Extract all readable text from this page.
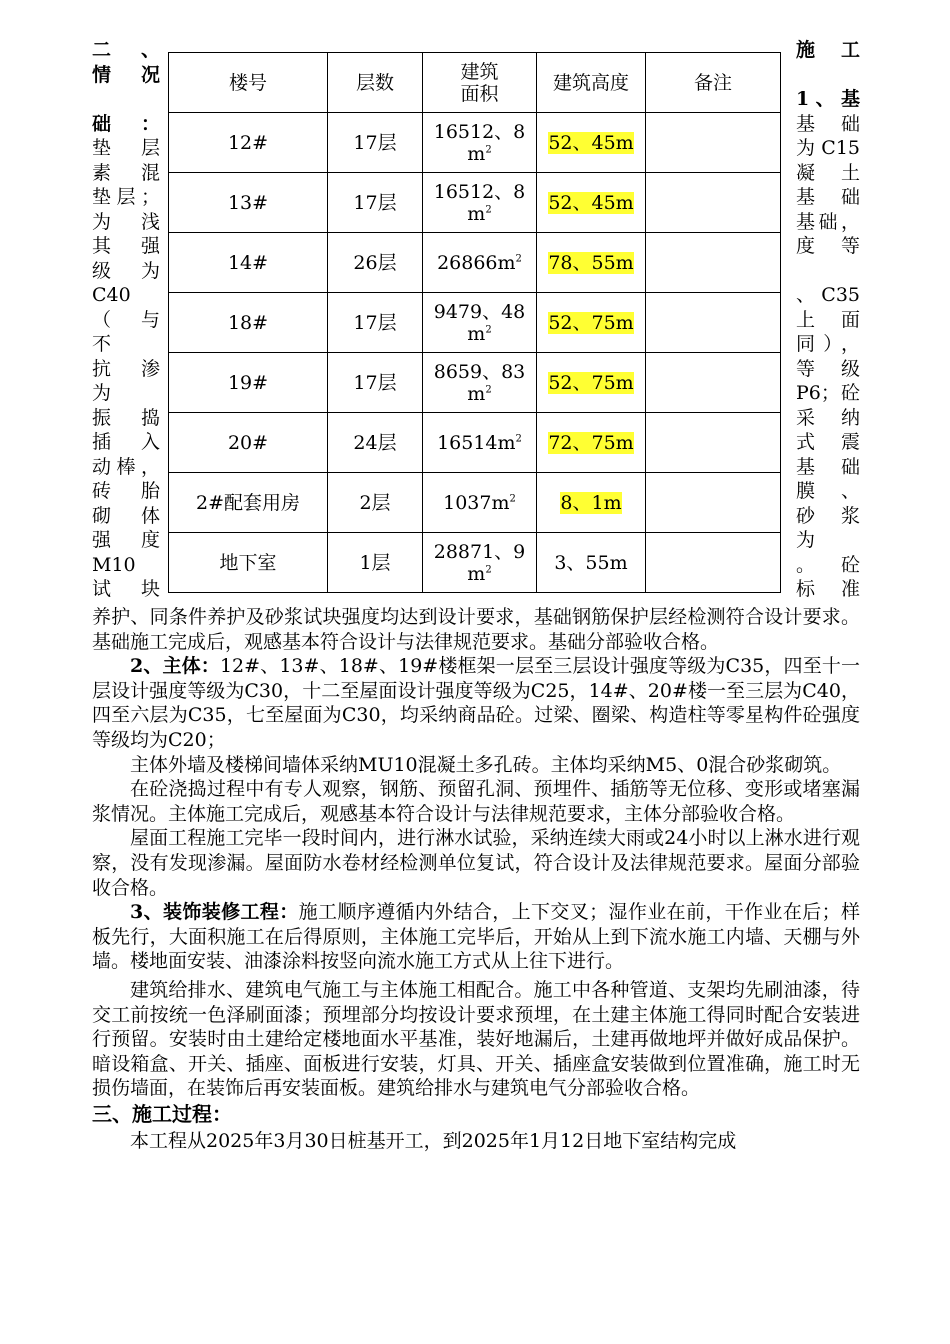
二、
情况
础：
垫层
素混
垫层；
为浅
其强
级为
C40
（与
不
抗渗
为
振捣
插入
动棒，
砖胎
砌体
强度
M10
试块
施工
1、基
基础
为C15
凝土
基础
基础，
度等
、C35
上面
同），
等级
P6；砼
采纳
式震
基础
膜、
砂浆
为
。砼
标准
楼号	层数	建筑面积	建筑高度	备注
12#	17层	16512、$8m^2$	52、45m	
13#	17层	16512、$8m^2$	52、45m	
14#	26层	$26866m^2$	78、55m	
18#	17层	9479、$48m^2$	52、75m	
19#	17层	8659、$83m^2$	52、75m	
20#	24层	$16514m^2$	72、75m	
2#配套用房	2层	$1037m^2$	8、1m	
地下室	1层	28871、$9m^2$	3、55m	

养护、同条件养护及砂浆试块强度均达到设计要求，基础钢筋保护层经检测符合设计要求。基础施工完成后，观感基本符合设计与法律规范要求。基础分部验收合格。

2、主体：12#、13#、18#、19#楼框架一层至三层设计强度等级为C35，四至十一层设计强度等级为C30，十二至屋面设计强度等级为C25，14#、20#楼一至三层为C40，四至六层为C35，七至屋面为C30，均采纳商品砼。过梁、圈梁、构造柱等零星构件砼强度等级均为C20；

主体外墙及楼梯间墙体采纳MU10混凝土多孔砖。主体均采纳M5、0混合砂浆砌筑。

在砼浇捣过程中有专人观察，钢筋、预留孔洞、预埋件、插筋等无位移、变形或堵塞漏浆情况。主体施工完成后，观感基本符合设计与法律规范要求，主体分部验收合格。

屋面工程施工完毕一段时间内，进行淋水试验，采纳连续大雨或24小时以上淋水进行观察，没有发现渗漏。屋面防水卷材经检测单位复试，符合设计及法律规范要求。屋面分部验收合格。

3、装饰装修工程：施工顺序遵循内外结合，上下交叉；湿作业在前，干作业在后；样板先行，大面积施工在后得原则，主体施工完毕后，开始从上到下流水施工内墙、天棚与外墙。楼地面安装、油漆涂料按竖向流水施工方式从上往下进行。

建筑给排水、建筑电气施工与主体施工相配合。施工中各种管道、支架均先刷油漆，待交工前按统一色泽刷面漆；预埋部分均按设计要求预埋，在土建主体施工得同时配合安装进行预留。安装时由土建给定楼地面水平基准，装好地漏后，土建再做地坪并做好成品保护。暗设箱盒、开关、插座、面板进行安装，灯具、开关、插座盒安装做到位置准确，施工时无损伤墙面，在装饰后再安装面板。建筑给排水与建筑电气分部验收合格。

三、施工过程：

本工程从2025年3月30日桩基开工，到2025年1月12日地下室结构完成
